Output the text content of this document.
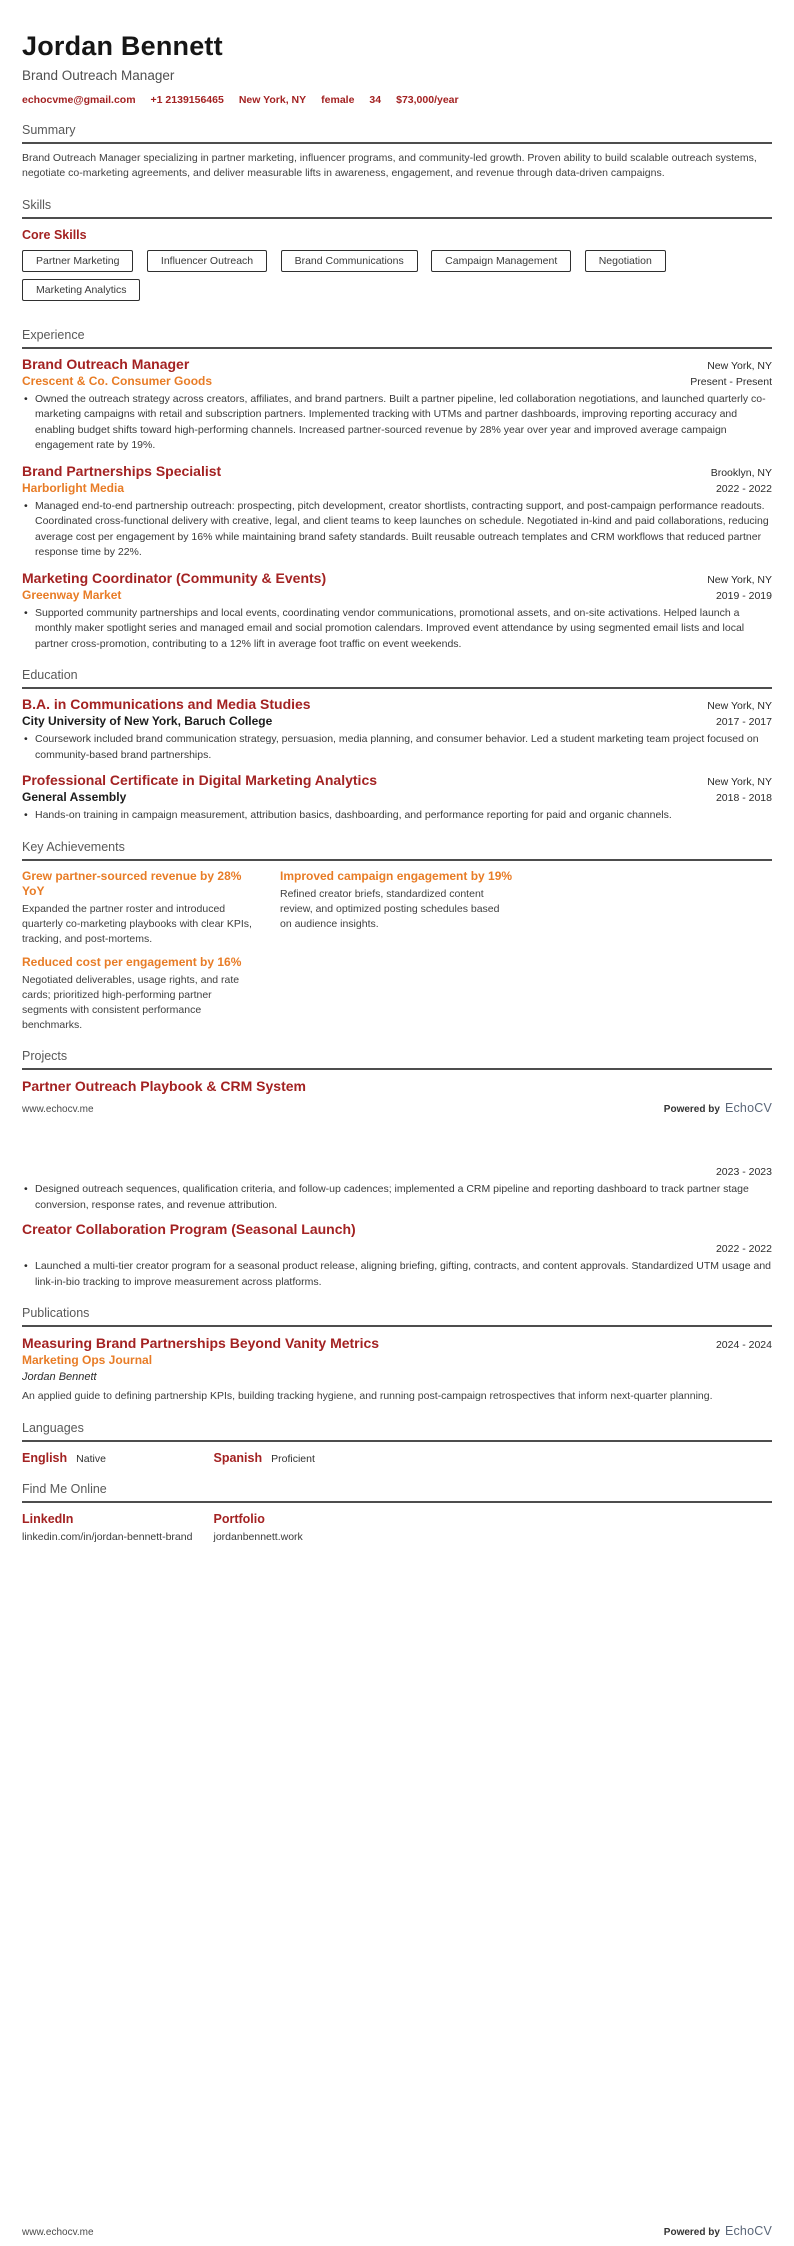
Jordan Bennett
Brand Outreach Manager
echocvme@gmail.com +1 2139156465 New York, NY female 34 $73,000/year
Summary

Brand Outreach Manager specializing in partner marketing, influencer programs, and community-led growth. Proven ability to build scalable outreach systems, negotiate co-marketing agreements, and deliver measurable lifts in awareness, engagement, and revenue through data-driven campaigns.

Skills
Core Skills
Partner Marketing	Influencer Outreach	Brand Communications	Campaign Management	Negotiation Marketing Analytics
Experience
Brand Outreach Manager	New York, NY
Crescent & Co. Consumer Goods	Present - Present
• Owned the outreach strategy across creators, affiliates, and brand partners. Built a partner pipeline, led collaboration negotiations, and launched quarterly co-marketing campaigns with retail and subscription partners. Implemented tracking with UTMs and partner dashboards, improving reporting accuracy and enabling budget shifts toward high-performing channels. Increased partner-sourced revenue by 28% year over year and improved average campaign engagement rate by 19%.
Brand Partnerships Specialist	Brooklyn, NY
Harborlight Media	2022 - 2022
• Managed end-to-end partnership outreach: prospecting, pitch development, creator shortlists, contracting support, and post-campaign performance readouts. Coordinated cross-functional delivery with creative, legal, and client teams to keep launches on schedule. Negotiated in-kind and paid collaborations, reducing average cost per engagement by 16% while maintaining brand safety standards. Built reusable outreach templates and CRM workflows that reduced partner response time by 22%.
Marketing Coordinator (Community & Events)	New York, NY
Greenway Market	2019 - 2019
• Supported community partnerships and local events, coordinating vendor communications, promotional assets, and on-site activations. Helped launch a monthly maker spotlight series and managed email and social promotion calendars. Improved event attendance by using segmented email lists and local partner cross-promotion, contributing to a 12% lift in average foot traffic on event weekends.
Education
B.A. in Communications and Media Studies	New York, NY
City University of New York, Baruch College	2017 - 2017
• Coursework included brand communication strategy, persuasion, media planning, and consumer behavior. Led a student marketing team project focused on community-based brand partnerships.
Professional Certificate in Digital Marketing Analytics	New York, NY
General Assembly	2018 - 2018
• Hands-on training in campaign measurement, attribution basics, dashboarding, and performance reporting for paid and organic channels.
Key Achievements
Grew partner-sourced revenue by 28% YoY
Expanded the partner roster and introduced quarterly co-marketing playbooks with clear KPIs, tracking, and post-mortems.
Improved campaign engagement by 19%
Refined creator briefs, standardized content review, and optimized posting schedules based on audience insights.
Reduced cost per engagement by 16%
Negotiated deliverables, usage rights, and rate cards; prioritized high-performing partner segments with consistent performance benchmarks.
Projects
Partner Outreach Playbook & CRM System
www.echocv.me	Powered by EchoCV
2023 - 2023
• Designed outreach sequences, qualification criteria, and follow-up cadences; implemented a CRM pipeline and reporting dashboard to track partner stage conversion, response rates, and revenue attribution.
Creator Collaboration Program (Seasonal Launch)
2022 - 2022
• Launched a multi-tier creator program for a seasonal product release, aligning briefing, gifting, contracts, and content approvals. Standardized UTM usage and link-in-bio tracking to improve measurement across platforms.
Publications
Measuring Brand Partnerships Beyond Vanity Metrics	2024 - 2024
Marketing Ops Journal
Jordan Bennett

An applied guide to defining partnership KPIs, building tracking hygiene, and running post-campaign retrospectives that inform next-quarter planning.

Languages
English Native	Spanish Proficient
Find Me Online
LinkedIn
linkedin.com/in/jordan-bennett-brand
Portfolio
jordanbennett.work
www.echocv.me	Powered by EchoCV
